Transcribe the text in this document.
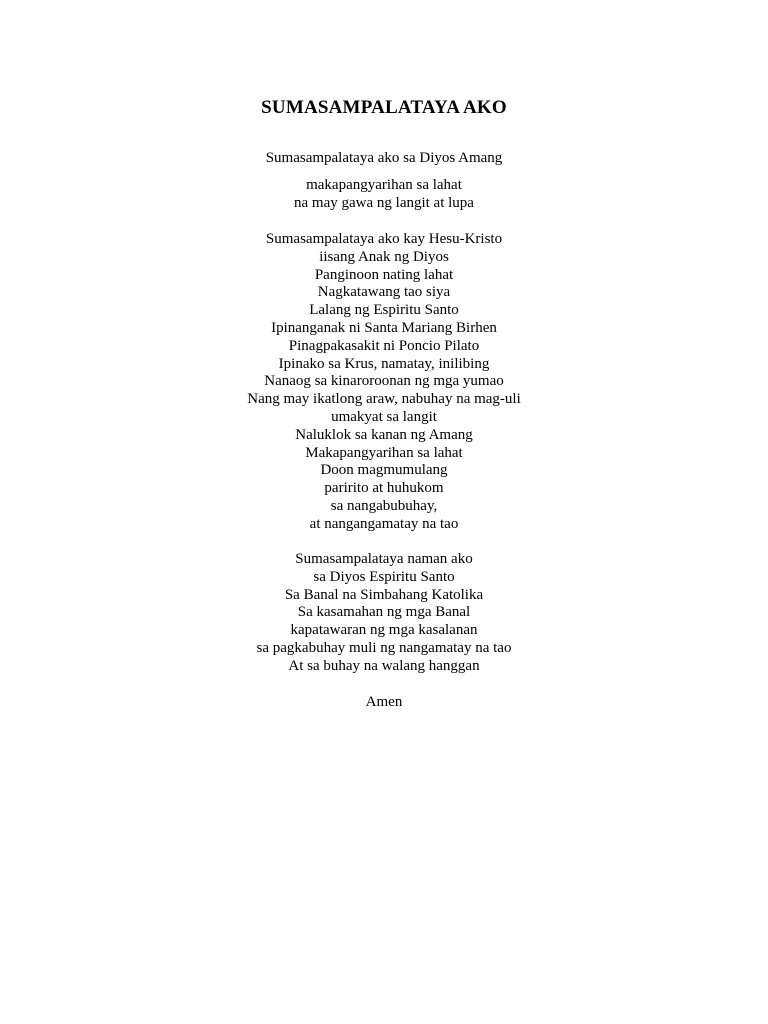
SUMASAMPALATAYA AKO
Sumasampalataya ako sa Diyos Amang
makapangyarihan sa lahat
na may gawa ng langit at lupa
Sumasampalataya ako kay Hesu-Kristo
iisang Anak ng Diyos
Panginoon nating lahat
Nagkatawang tao siya
Lalang ng Espiritu Santo
Ipinanganak ni Santa Mariang Birhen
Pinagpakasakit ni Poncio Pilato
Ipinako sa Krus, namatay, inilibing
Nanaog sa kinaroroonan ng mga yumao
Nang may ikatlong araw, nabuhay na mag-uli
umakyat sa langit
Naluklok sa kanan ng Amang
Makapangyarihan sa lahat
Doon magmumulang
paririto at huhukom
sa nangabubuhay,
at nangangamatay na tao
Sumasampalataya naman ako
sa Diyos Espiritu Santo
Sa Banal na Simbahang Katolika
Sa kasamahan ng mga Banal
kapatawaran ng mga kasalanan
sa pagkabuhay muli ng nangamatay na tao
At sa buhay na walang hanggan
Amen
